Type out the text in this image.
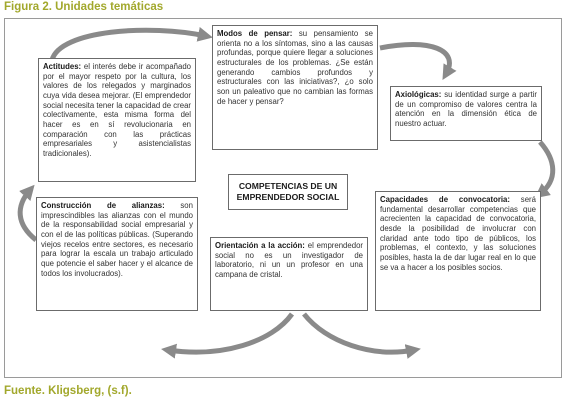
Figura 2. Unidades temáticas
Actitudes: el interés debe ir acompañado por el mayor respeto por la cultura, los valores de los relegados y marginados cuya vida desea mejorar. (El emprendedor social necesita tener la capacidad de crear colectivamente, esta misma forma del hacer es en sí revolucionaria en comparación con las prácticas empresariales y asistencialistas tradicionales).
Modos de pensar: su pensamiento se orienta no a los síntomas, sino a las causas profundas, porque quiere llegar a soluciones estructurales de los problemas. ¿Se están generando cambios profundos y estructurales con las iniciativas?, ¿o solo son un paleativo que no cambian las formas de hacer y pensar?
Axiológicas: su identidad surge a partir de un compromiso de valores centra la atención en la dimensión ética de nuestro actuar.
COMPETENCIAS DE UN EMPRENDEDOR SOCIAL
Construcción de alianzas: son imprescindibles las alianzas con el mundo de la responsabilidad social empresarial y con el de las políticas públicas. (Superando viejos recelos entre sectores, es necesario para lograr la escala un trabajo articulado que potencie el saber hacer y el alcance de todos los involucrados).
Orientación a la acción: el emprendedor social no es un investigador de laboratorio, ni un un profesor en una campana de cristal.
Capacidades de convocatoria: será fundamental desarrollar competencias que acrecienten la capacidad de convocatoria, desde la posibilidad de involucrar con claridad ante todo tipo de públicos, los problemas, el contexto, y las soluciones posibles, hasta la de dar lugar real en lo que se va a hacer a los posibles socios.
Fuente. Kligsberg, (s.f).
